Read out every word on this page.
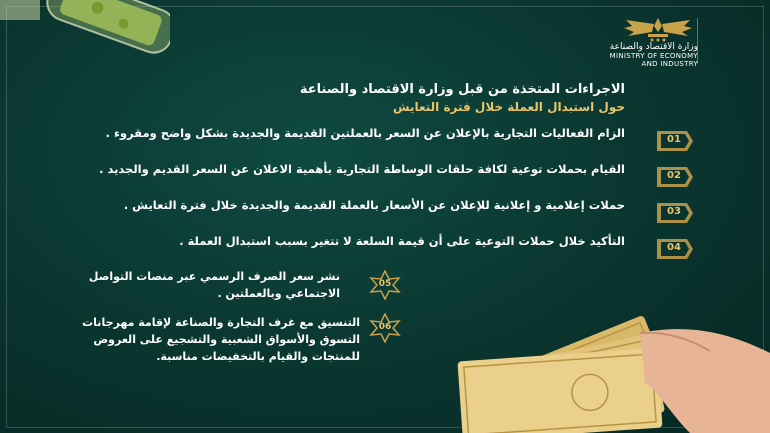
وزارة الاقتصاد والصناعة
MINISTRY OF ECONOMY
AND INDUSTRY
الاجراءات المتخذة من قبل وزارة الاقتصاد والصناعة
حول استبدال العملة خلال فترة التعايش
الزام الفعاليات التجارية بالإعلان عن السعر بالعملتين القديمة والجديدة بشكل واضح ومقروء .	01
القيام بحملات توعية لكافة حلقات الوساطة التجارية بأهمية الاعلان عن السعر القديم والجديد .	02
حملات إعلامية و إعلانية للإعلان عن الأسعار بالعملة القديمة والجديدة خلال فترة التعايش .	03
التأكيد خلال حملات التوعية على أن قيمة السلعة لا تتغير بسبب استبدال العملة .	04
نشر سعر الصرف الرسمي عبر منصات التواصل الاجتماعي وبالعملتين .
05
التنسيق مع غرف التجارة والصناعة لإقامة مهرجانات التسوق والأسواق الشعبية والتشجيع على العروض للمنتجات والقيام بالتخفيضات مناسبة.
06
